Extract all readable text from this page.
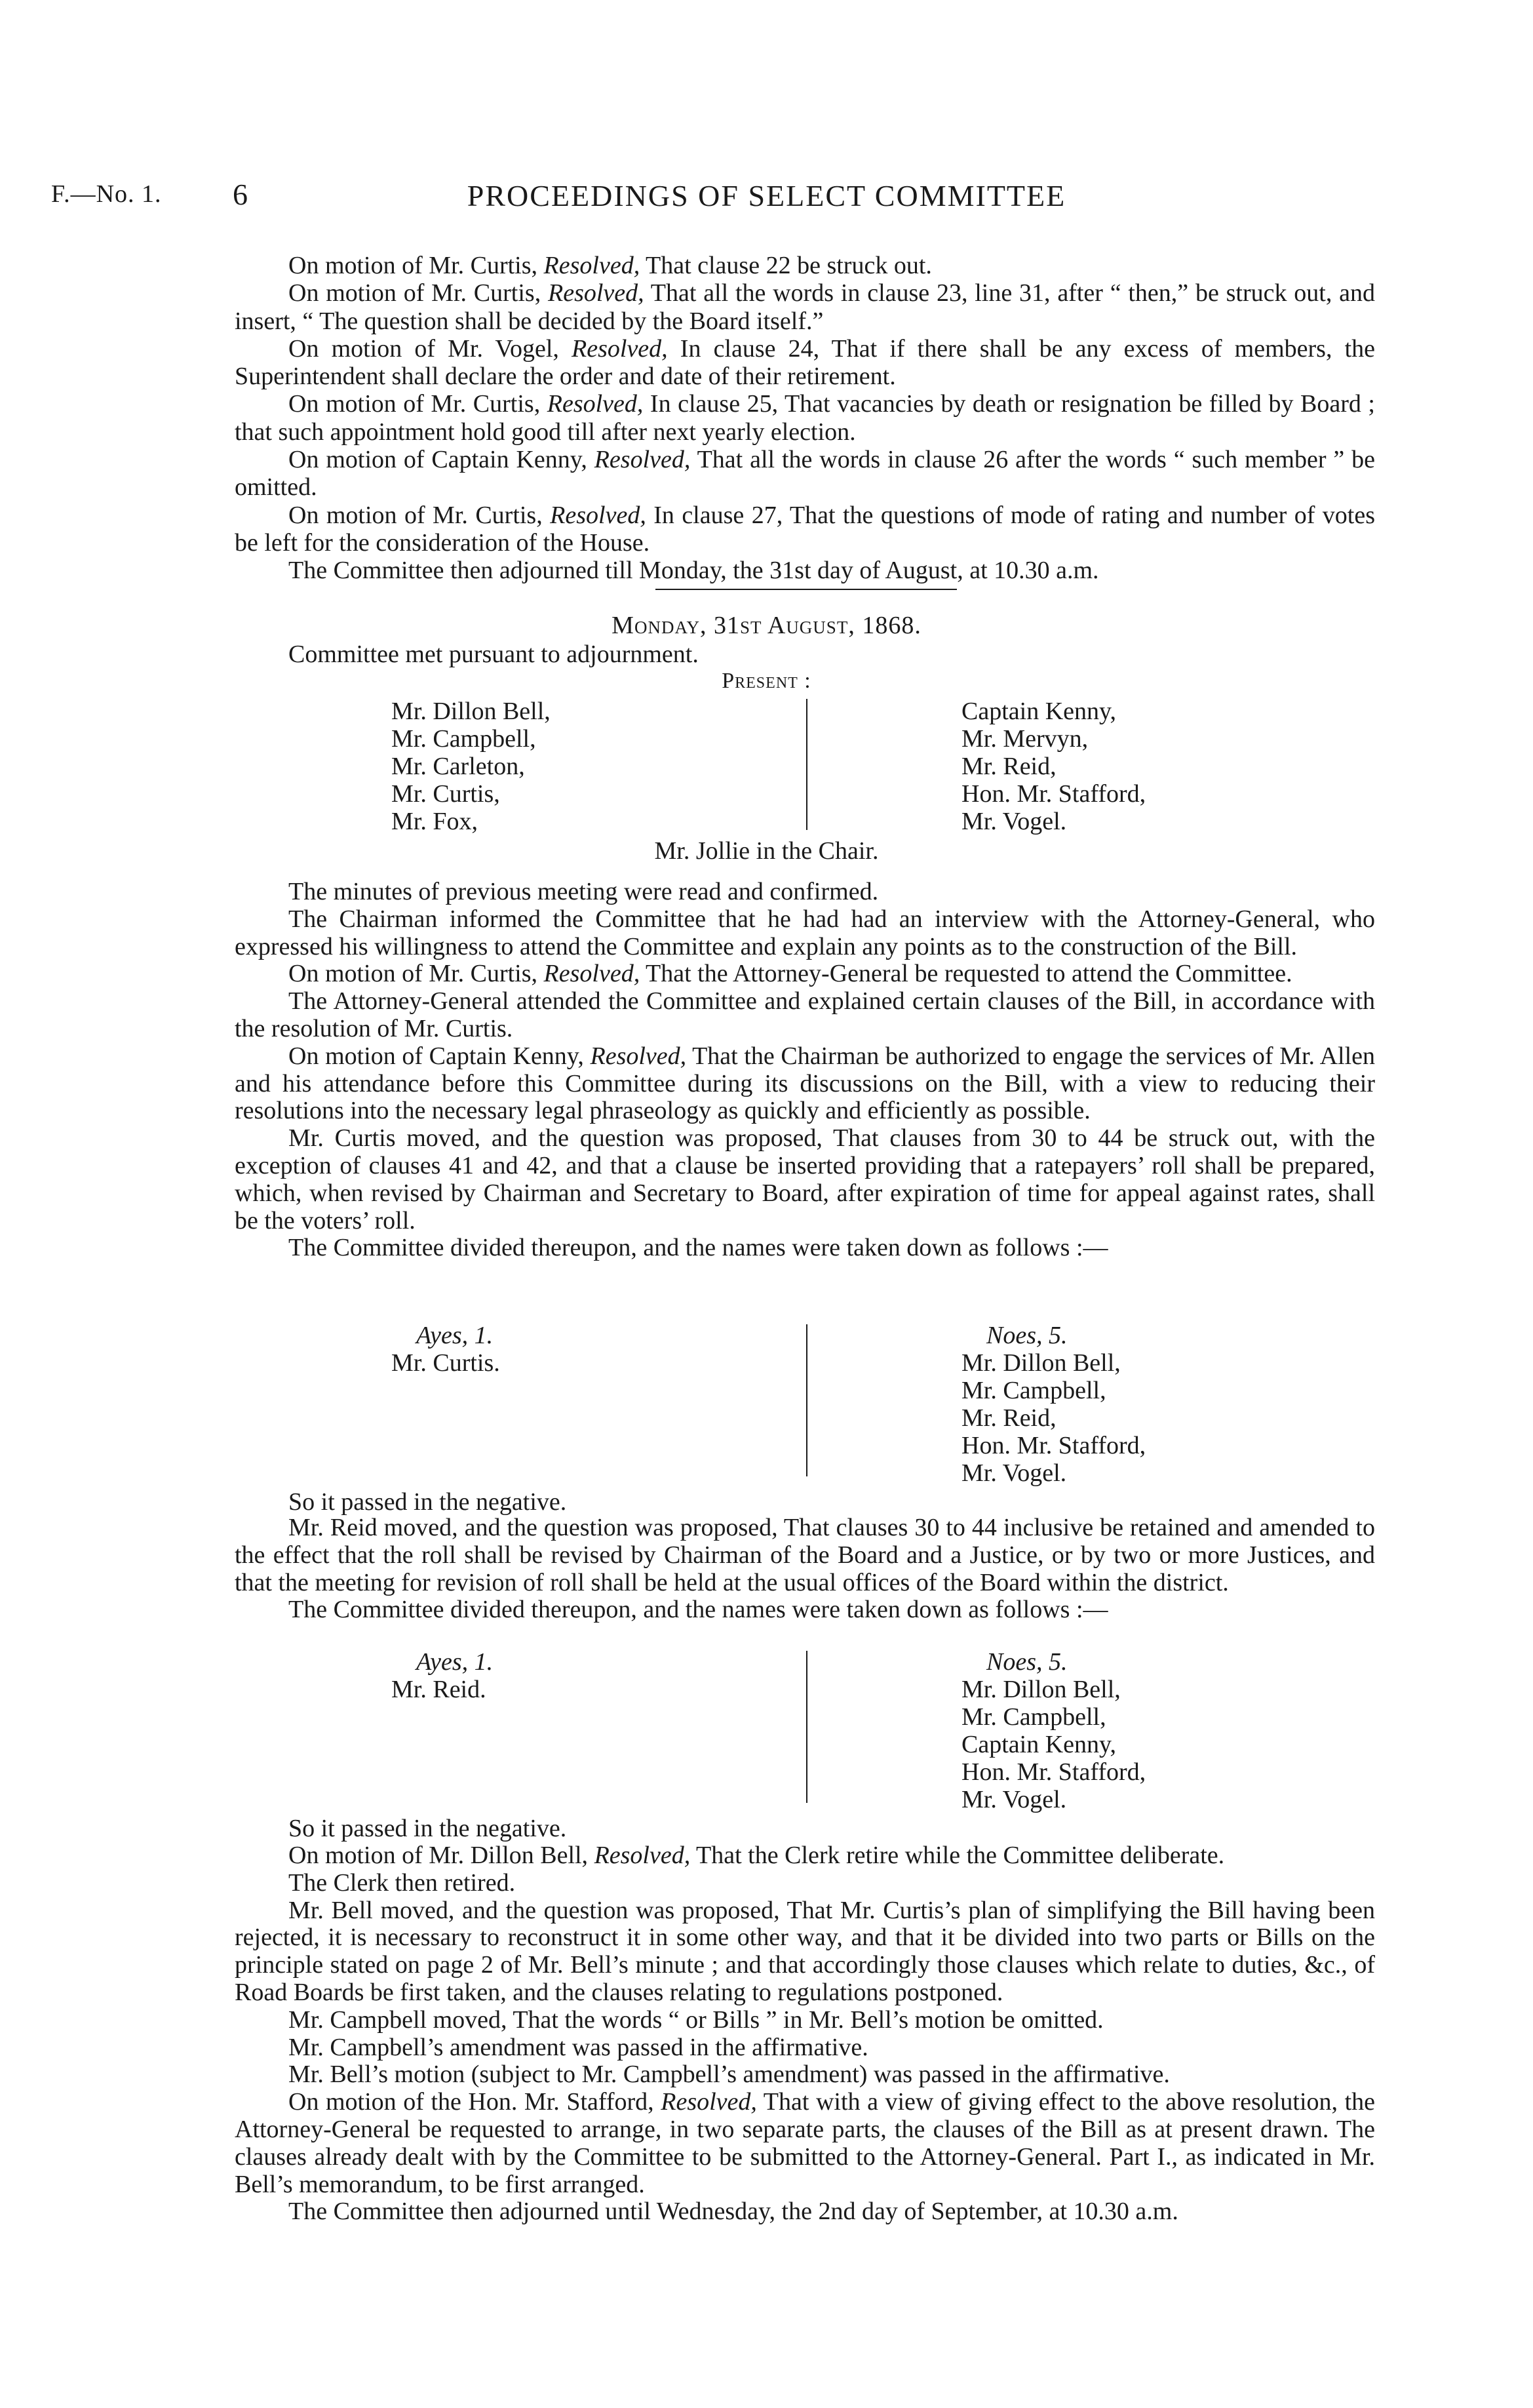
F.—No. 1. 6	PROCEEDINGS OF SELECT COMMITTEE

On motion of Mr. Curtis, Resolved, That clause 22 be struck out.

On motion of Mr. Curtis, Resolved, That all the words in clause 23, line 31, after “ then,” be struck out, and insert, “ The question shall be decided by the Board itself.”

On motion of Mr. Vogel, Resolved, In clause 24, That if there shall be any excess of members, the Superintendent shall declare the order and date of their retirement.

On motion of Mr. Curtis, Resolved, In clause 25, That vacancies by death or resignation be filled by Board ; that such appointment hold good till after next yearly election.

On motion of Captain Kenny, Resolved, That all the words in clause 26 after the words “ such member ” be omitted.

On motion of Mr. Curtis, Resolved, In clause 27, That the questions of mode of rating and number of votes be left for the consideration of the House.

The Committee then adjourned till Monday, the 31st day of August, at 10.30 a.m.

Monday, 31st August, 1868.
Committee met pursuant to adjournment.
Present :
Mr. Dillon Bell,
Mr. Campbell,
Mr. Carleton,
Mr. Curtis,
Mr. Fox,
Captain Kenny,
Mr. Mervyn,
Mr. Reid,
Hon. Mr. Stafford,
Mr. Vogel.
Mr. Jollie in the Chair.

The minutes of previous meeting were read and confirmed.

The Chairman informed the Committee that he had had an interview with the Attorney-General, who expressed his willingness to attend the Committee and explain any points as to the construction of the Bill.

On motion of Mr. Curtis, Resolved, That the Attorney-General be requested to attend the Committee.

The Attorney-General attended the Committee and explained certain clauses of the Bill, in accordance with the resolution of Mr. Curtis.

On motion of Captain Kenny, Resolved, That the Chairman be authorized to engage the services of Mr. Allen and his attendance before this Committee during its discussions on the Bill, with a view to reducing their resolutions into the necessary legal phraseology as quickly and efficiently as possible.

Mr. Curtis moved, and the question was proposed, That clauses from 30 to 44 be struck out, with the exception of clauses 41 and 42, and that a clause be inserted providing that a ratepayers’ roll shall be prepared, which, when revised by Chairman and Secretary to Board, after expiration of time for appeal against rates, shall be the voters’ roll.

The Committee divided thereupon, and the names were taken down as follows :—

Ayes, 1.
Mr. Curtis.
Noes, 5.
Mr. Dillon Bell,
Mr. Campbell,
Mr. Reid,
Hon. Mr. Stafford,
Mr. Vogel.
So it passed in the negative.

Mr. Reid moved, and the question was proposed, That clauses 30 to 44 inclusive be retained and amended to the effect that the roll shall be revised by Chairman of the Board and a Justice, or by two or more Justices, and that the meeting for revision of roll shall be held at the usual offices of the Board within the district.

The Committee divided thereupon, and the names were taken down as follows :—

Ayes, 1.
Mr. Reid.
Noes, 5.
Mr. Dillon Bell,
Mr. Campbell,
Captain Kenny,
Hon. Mr. Stafford,
Mr. Vogel.
So it passed in the negative.

On motion of Mr. Dillon Bell, Resolved, That the Clerk retire while the Committee deliberate.

The Clerk then retired.

Mr. Bell moved, and the question was proposed, That Mr. Curtis’s plan of simplifying the Bill having been rejected, it is necessary to reconstruct it in some other way, and that it be divided into two parts or Bills on the principle stated on page 2 of Mr. Bell’s minute ; and that accordingly those clauses which relate to duties, &c., of Road Boards be first taken, and the clauses relating to regulations postponed.

Mr. Campbell moved, That the words “ or Bills ” in Mr. Bell’s motion be omitted.

Mr. Campbell’s amendment was passed in the affirmative.

Mr. Bell’s motion (subject to Mr. Campbell’s amendment) was passed in the affirmative.

On motion of the Hon. Mr. Stafford, Resolved, That with a view of giving effect to the above resolution, the Attorney-General be requested to arrange, in two separate parts, the clauses of the Bill as at present drawn. The clauses already dealt with by the Committee to be submitted to the Attorney-General. Part I., as indicated in Mr. Bell’s memorandum, to be first arranged.

The Committee then adjourned until Wednesday, the 2nd day of September, at 10.30 a.m.
